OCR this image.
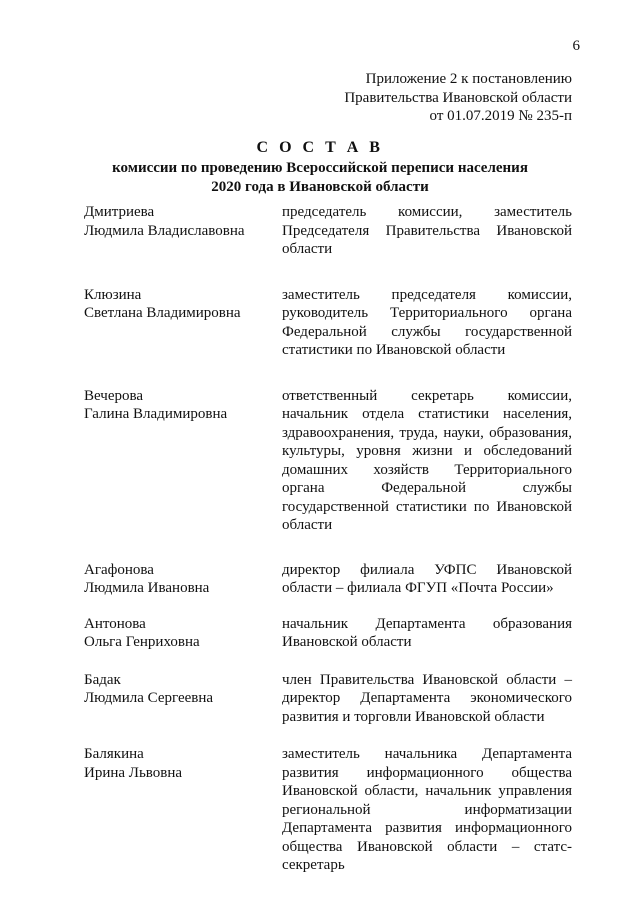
6
Приложение 2 к постановлению
Правительства Ивановской области
от 01.07.2019 № 235-п
С О С Т А В
комиссии по проведению Всероссийской переписи населения
2020 года в Ивановской области
Дмитриева
Людмила Владиславовна
председатель комиссии, заместитель Председателя Правительства Ивановской области
Клюзина
Светлана Владимировна
заместитель председателя комиссии, руководитель Территориального органа Федеральной службы государственной статистики по Ивановской области
Вечерова
Галина Владимировна
ответственный секретарь комиссии, начальник отдела статистики населения, здравоохранения, труда, науки, образования, культуры, уровня жизни и обследований домашних хозяйств Территориального органа Федеральной службы государственной статистики по Ивановской области
Агафонова
Людмила Ивановна
директор филиала УФПС Ивановской области – филиала ФГУП «Почта России»
Антонова
Ольга Генриховна
начальник Департамента образования Ивановской области
Бадак
Людмила Сергеевна
член Правительства Ивановской области – директор Департамента экономического развития и торговли Ивановской области
Балякина
Ирина Львовна
заместитель начальника Департамента развития информационного общества Ивановской области, начальник управления региональной информатизации Департамента развития информационного общества Ивановской области – статс-секретарь
